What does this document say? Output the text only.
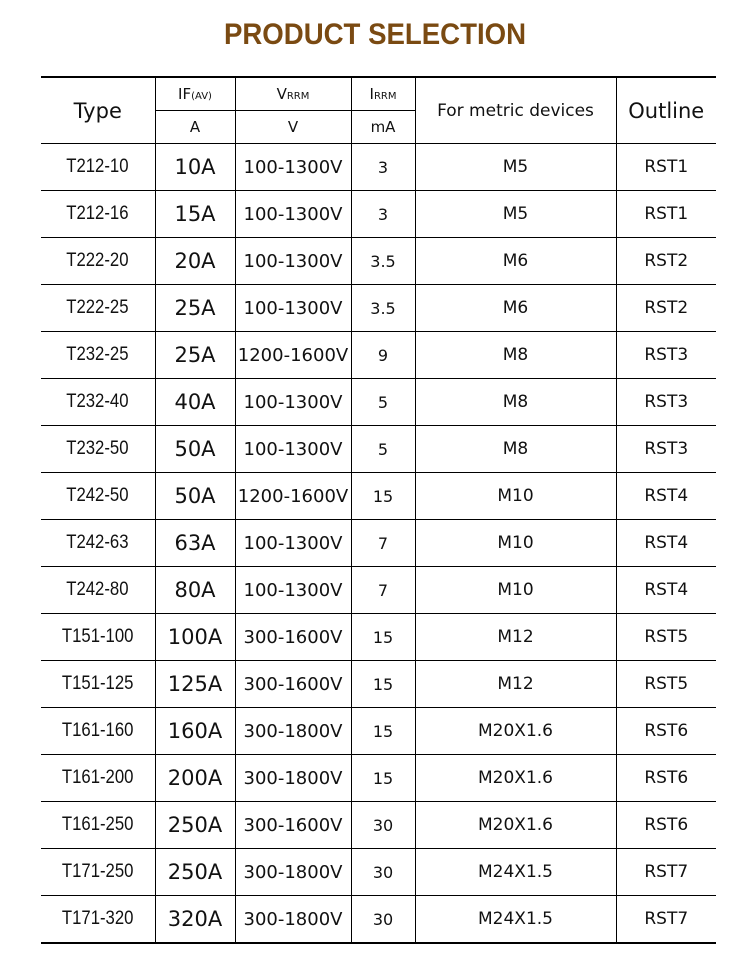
PRODUCT SELECTION
Type	IF(AV)	VRRM	IRRM	For metric devices	Outline
	A	V	mA		
T212-10	10A	100-1300V	3	M5	RST1
T212-16	15A	100-1300V	3	M5	RST1
T222-20	20A	100-1300V	3.5	M6	RST2
T222-25	25A	100-1300V	3.5	M6	RST2
T232-25	25A	1200-1600V	9	M8	RST3
T232-40	40A	100-1300V	5	M8	RST3
T232-50	50A	100-1300V	5	M8	RST3
T242-50	50A	1200-1600V	15	M10	RST4
T242-63	63A	100-1300V	7	M10	RST4
T242-80	80A	100-1300V	7	M10	RST4
T151-100	100A	300-1600V	15	M12	RST5
T151-125	125A	300-1600V	15	M12	RST5
T161-160	160A	300-1800V	15	M20X1.6	RST6
T161-200	200A	300-1800V	15	M20X1.6	RST6
T161-250	250A	300-1600V	30	M20X1.6	RST6
T171-250	250A	300-1800V	30	M24X1.5	RST7
T171-320	320A	300-1800V	30	M24X1.5	RST7
